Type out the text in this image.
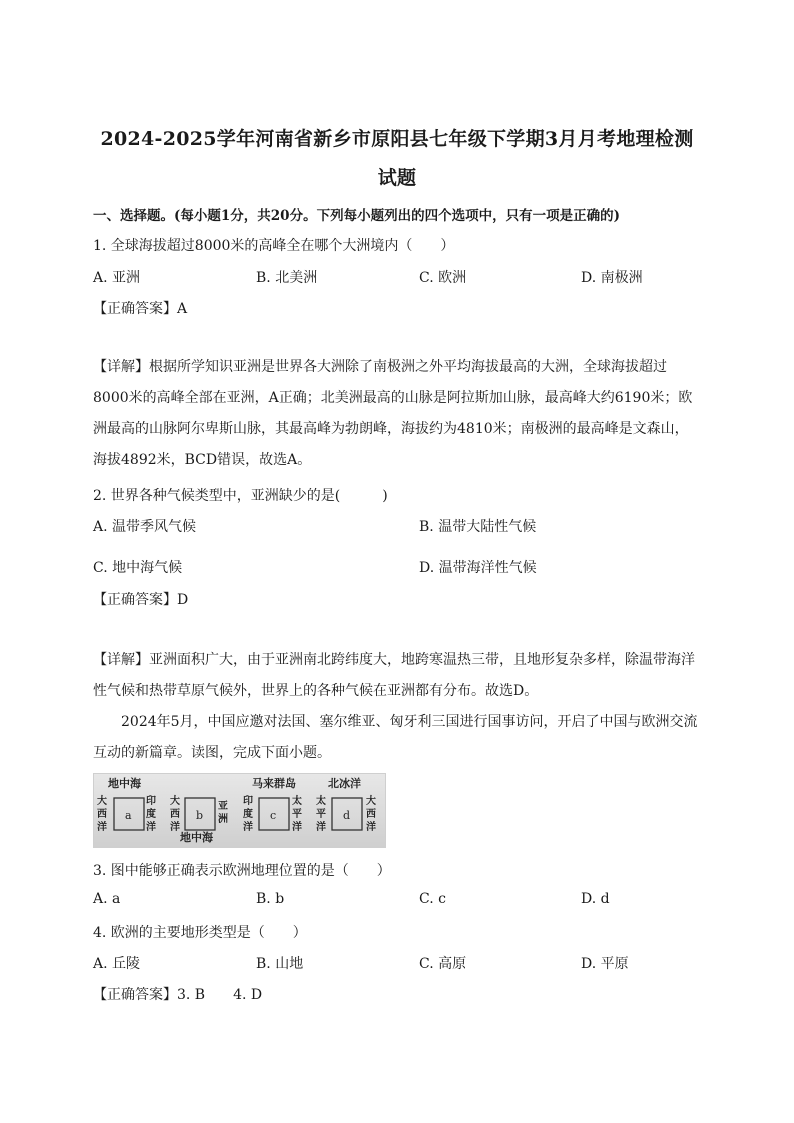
2024-2025学年河南省新乡市原阳县七年级下学期3月月考地理检测
试题
一、选择题。(每小题1分，共20分。下列每小题列出的四个选项中，只有一项是正确的)
1. 全球海拔超过8000米的高峰全在哪个大洲境内（　　）
A. 亚洲	B. 北美洲	C. 欧洲	D. 南极洲
【正确答案】A
【详解】根据所学知识亚洲是世界各大洲除了南极洲之外平均海拔最高的大洲，全球海拔超过8000米的高峰全部在亚洲，A正确；北美洲最高的山脉是阿拉斯加山脉，最高峰大约6190米；欧洲最高的山脉阿尔卑斯山脉，其最高峰为勃朗峰，海拔约为4810米；南极洲的最高峰是文森山，海拔4892米，BCD错误，故选A。
2. 世界各种气候类型中，亚洲缺少的是(　　　)
A. 温带季风气候	B. 温带大陆性气候
C. 地中海气候	D. 温带海洋性气候
【正确答案】D
【详解】亚洲面积广大，由于亚洲南北跨纬度大，地跨寒温热三带，且地形复杂多样，除温带海洋性气候和热带草原气候外，世界上的各种气候在亚洲都有分布。故选D。
2024年5月，中国应邀对法国、塞尔维亚、匈牙利三国进行国事访问，开启了中国与欧洲交流互动的新篇章。读图，完成下面小题。
地中海
大西洋
a
印度洋
大西洋
b
亚洲
地中海
马来群岛
印度洋
c
太平洋
北冰洋
太平洋
d
大西洋
3. 图中能够正确表示欧洲地理位置的是（　　）
A. a	B. b	C. c	D. d
4. 欧洲的主要地形类型是（　　）
A. 丘陵	B. 山地	C. 高原	D. 平原
【正确答案】3. B　　4. D
